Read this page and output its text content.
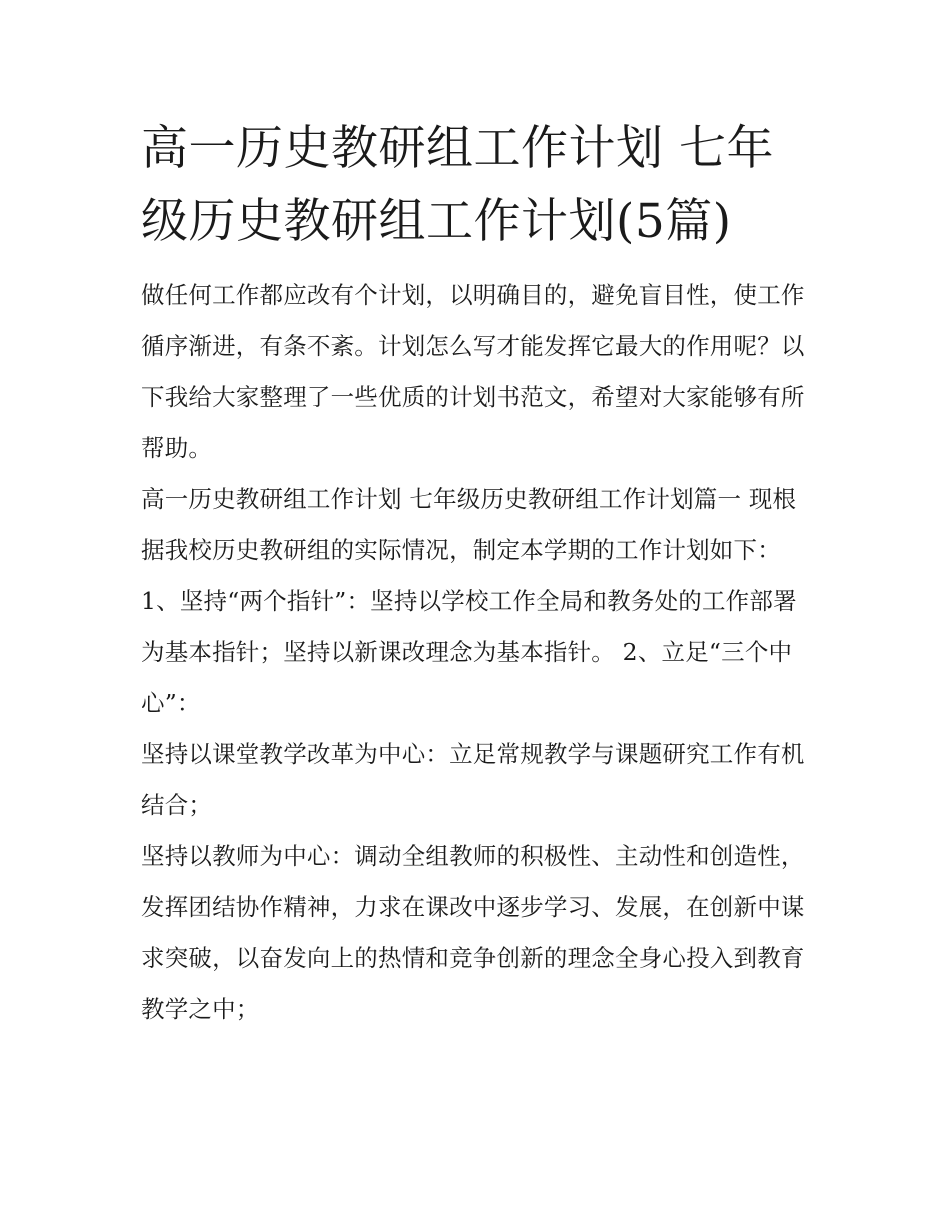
高一历史教研组工作计划 七年级历史教研组工作计划(5篇)

做任何工作都应改有个计划，以明确目的，避免盲目性，使工作循序渐进，有条不紊。计划怎么写才能发挥它最大的作用呢？以下我给大家整理了一些优质的计划书范文，希望对大家能够有所帮助。

高一历史教研组工作计划 七年级历史教研组工作计划篇一 现根据我校历史教研组的实际情况，制定本学期的工作计划如下：

1、坚持“两个指针”：坚持以学校工作全局和教务处的工作部署为基本指针；坚持以新课改理念为基本指针。 2、立足“三个中心”：

坚持以课堂教学改革为中心：立足常规教学与课题研究工作有机结合；

坚持以教师为中心：调动全组教师的积极性、主动性和创造性，发挥团结协作精神，力求在课改中逐步学习、发展，在创新中谋求突破，以奋发向上的热情和竞争创新的理念全身心投入到教育教学之中；
